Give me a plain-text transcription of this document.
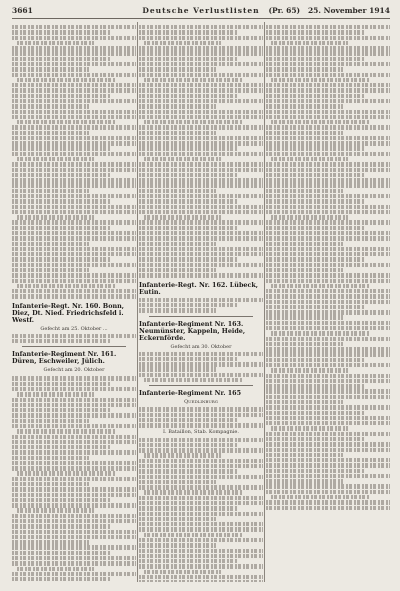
3661	Deutsche Verlustlisten (Pr. 65) 25. November 1914
Infanterie-Regt. Nr. 160. Bonn, Diez, Dt. Nied. Friedrichsfeld i. Westf.
Gefecht am 25. Oktober ...
Infanterie-Regiment Nr. 161. Düren, Eschweiler, Jülich.
Gefecht am 20. Oktober
Infanterie-Regt. Nr. 162. Lübeck, Eutin.
Infanterie-Regiment Nr. 163. Neumünster, Kappeln, Heide, Eckernförde.
Gefecht am 30. Oktober
Infanterie-Regiment Nr. 165
Quedlinburg
I. Bataillon, Stab. Kompagnie.
